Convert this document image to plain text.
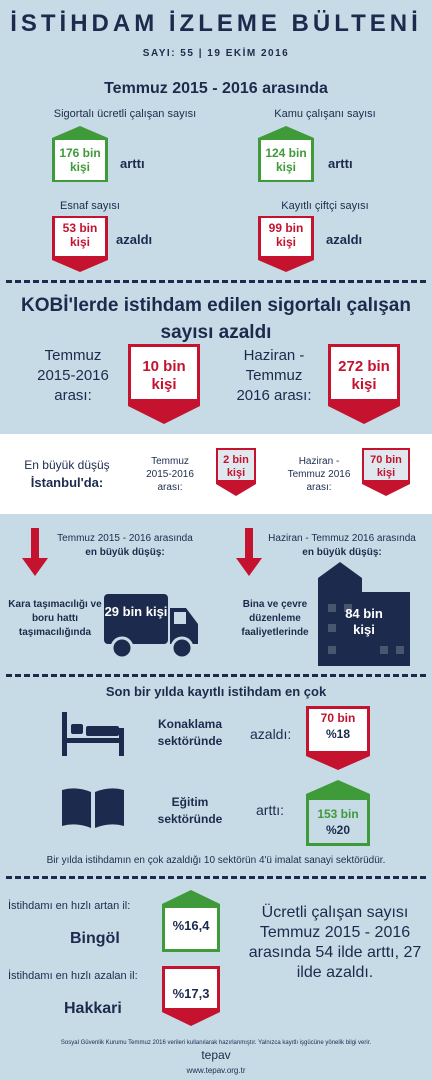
İSTİHDAM İZLEME BÜLTENİ
SAYI: 55 | 19 EKİM 2016
Temmuz 2015 - 2016 arasında
Sigortalı ücretli çalışan sayısı
176 bin kişi	arttı
Kamu çalışanı sayısı
124 bin kişi	arttı
Esnaf sayısı
53 bin kişi	azaldı
Kayıtlı çiftçi sayısı
99 bin kişi	azaldı
KOBİ'lerde istihdam edilen sigortalı çalışan
sayısı azaldı
Temmuz 2015-2016 arası:
10 bin kişi
Haziran - Temmuz 2016 arası:
272 bin kişi
En büyük düşüş
İstanbul'da:
Temmuz 2015-2016 arası:
2 bin kişi
Haziran - Temmuz 2016 arası:
70 bin kişi
Temmuz 2015 - 2016 arasında
en büyük düşüş:
Haziran - Temmuz 2016 arasında
en büyük düşüş:
Kara taşımacılığı ve boru hattı taşımacılığında
29 bin kişi	Bina ve çevre düzenleme faaliyetlerinde
84 bin kişi
Son bir yılda kayıtlı istihdam en çok
Konaklama sektöründe	azaldı:
70 bin
%18
Eğitim sektöründe
arttı:	153 bin
%20
Bir yılda istihdamın en çok azaldığı 10 sektörün 4'ü imalat sanayi sektörüdür.
İstihdamı en hızlı artan il:
Bingöl
%16,4
İstihdamı en hızlı azalan il:
%17,3
Hakkari
Ücretli çalışan sayısı Temmuz 2015 - 2016 arasında 54 ilde arttı, 27 ilde azaldı.
Sosyal Güvenlik Kurumu Temmuz 2016 verileri kullanılarak hazırlanmıştır. Yalnızca kayıtlı işgücüne yönelik bilgi verir.
tepav
www.tepav.org.tr
